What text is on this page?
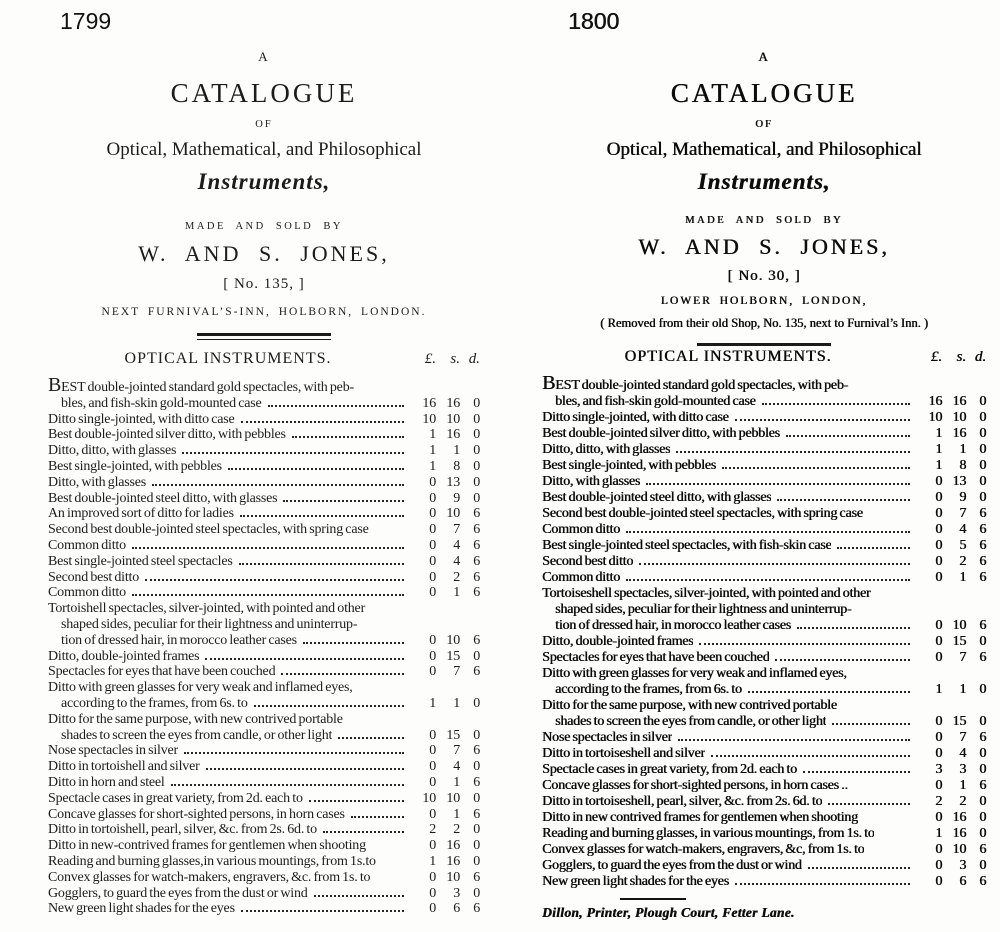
1799
A
CATALOGUE
OF
Optical, Mathematical, and Philosophical
Instruments,
MADE AND SOLD BY
W. AND S. JONES,
[ No. 135, ]
NEXT FURNIVAL’S-INN, HOLBORN, LONDON.
OPTICAL INSTRUMENTS.	£. s. d.
BEST double-jointed standard gold spectacles, with peb-
bles, and fish-skin gold-mounted case	16 16 0
Ditto single-jointed, with ditto case	10 10 0
Best double-jointed silver ditto, with pebbles	1 16 0
Ditto, ditto, with glasses	1	1 0
Best single-jointed, with pebbles	1	8 0
Ditto, with glasses	0 13 0
Best double-jointed steel ditto, with glasses	0	9 0
An improved sort of ditto for ladies	0 10 6
Second best double-jointed steel spectacles, with spring case	0	7 6
Common ditto	0	4 6
Best single-jointed steel spectacles	0	4 6
Second best ditto	0	2 6
Common ditto	0	1 6
Tortoishell spectacles, silver-jointed, with pointed and other
shaped sides, peculiar for their lightness and uninterrup-
tion of dressed hair, in morocco leather cases	0 10 6
Ditto, double-jointed frames	0 15 0
Spectacles for eyes that have been couched	0	7 6
Ditto with green glasses for very weak and inflamed eyes,
according to the frames, from 6s. to	1	1 0
Ditto for the same purpose, with new contrived portable
shades to screen the eyes from candle, or other light	0 15 0
Nose spectacles in silver	0	7 6
Ditto in tortoishell and silver	0	4 0
Ditto in horn and steel	0	1 6
Spectacle cases in great variety, from 2d. each to	10 10 0
Concave glasses for short-sighted persons, in horn cases	0	1 6
Ditto in tortoishell, pearl, silver, &c. from 2s. 6d. to	2	2 0
Ditto in new-contrived frames for gentlemen when shooting	0 16 0
Reading and burning glasses,in various mountings, from 1s.to	1 16 0
Convex glasses for watch-makers, engravers, &c. from 1s. to	0 10 6
Gogglers, to guard the eyes from the dust or wind	0	3 0
New green light shades for the eyes	0	6 6
1800
A
CATALOGUE
OF
Optical, Mathematical, and Philosophical
Instruments,
MADE AND SOLD BY
W. AND S. JONES,
[ No. 30, ]
LOWER HOLBORN, LONDON,
( Removed from their old Shop, No. 135, next to Furnival’s Inn. )
OPTICAL INSTRUMENTS.	£. s. d.
BEST double-jointed standard gold spectacles, with peb-
bles, and fish-skin gold-mounted case	16 16 0
Ditto single-jointed, with ditto case	10 10 0
Best double-jointed silver ditto, with pebbles	1 16 0
Ditto, ditto, with glasses	1	1 0
Best single-jointed, with pebbles	1	8 0
Ditto, with glasses	0 13 0
Best double-jointed steel ditto, with glasses	0	9 0
Second best double-jointed steel spectacles, with spring case	0	7 6
Common ditto	0	4 6
Best single-jointed steel spectacles, with fish-skin case	0	5 6
Second best ditto	0	2 6
Common ditto	0	1 6
Tortoiseshell spectacles, silver-jointed, with pointed and other
shaped sides, peculiar for their lightness and uninterrup-
tion of dressed hair, in morocco leather cases	0 10 6
Ditto, double-jointed frames	0 15 0
Spectacles for eyes that have been couched	0	7 6
Ditto with green glasses for very weak and inflamed eyes,
according to the frames, from 6s. to	1	1 0
Ditto for the same purpose, with new contrived portable
shades to screen the eyes from candle, or other light	0 15 0
Nose spectacles in silver	0	7 6
Ditto in tortoiseshell and silver	0	4 0
Spectacle cases in great variety, from 2d. each to	3	3 0
Concave glasses for short-sighted persons, in horn cases ..	0	1 6
Ditto in tortoiseshell, pearl, silver, &c. from 2s. 6d. to	2	2 0
Ditto in new contrived frames for gentlemen when shooting	0 16 0
Reading and burning glasses, in various mountings, from 1s. to	1 16 0
Convex glasses for watch-makers, engravers, &c, from 1s. to	0 10 6
Gogglers, to guard the eyes from the dust or wind	0	3 0
New green light shades for the eyes	0	6 6
Dillon, Printer, Plough Court, Fetter Lane.
